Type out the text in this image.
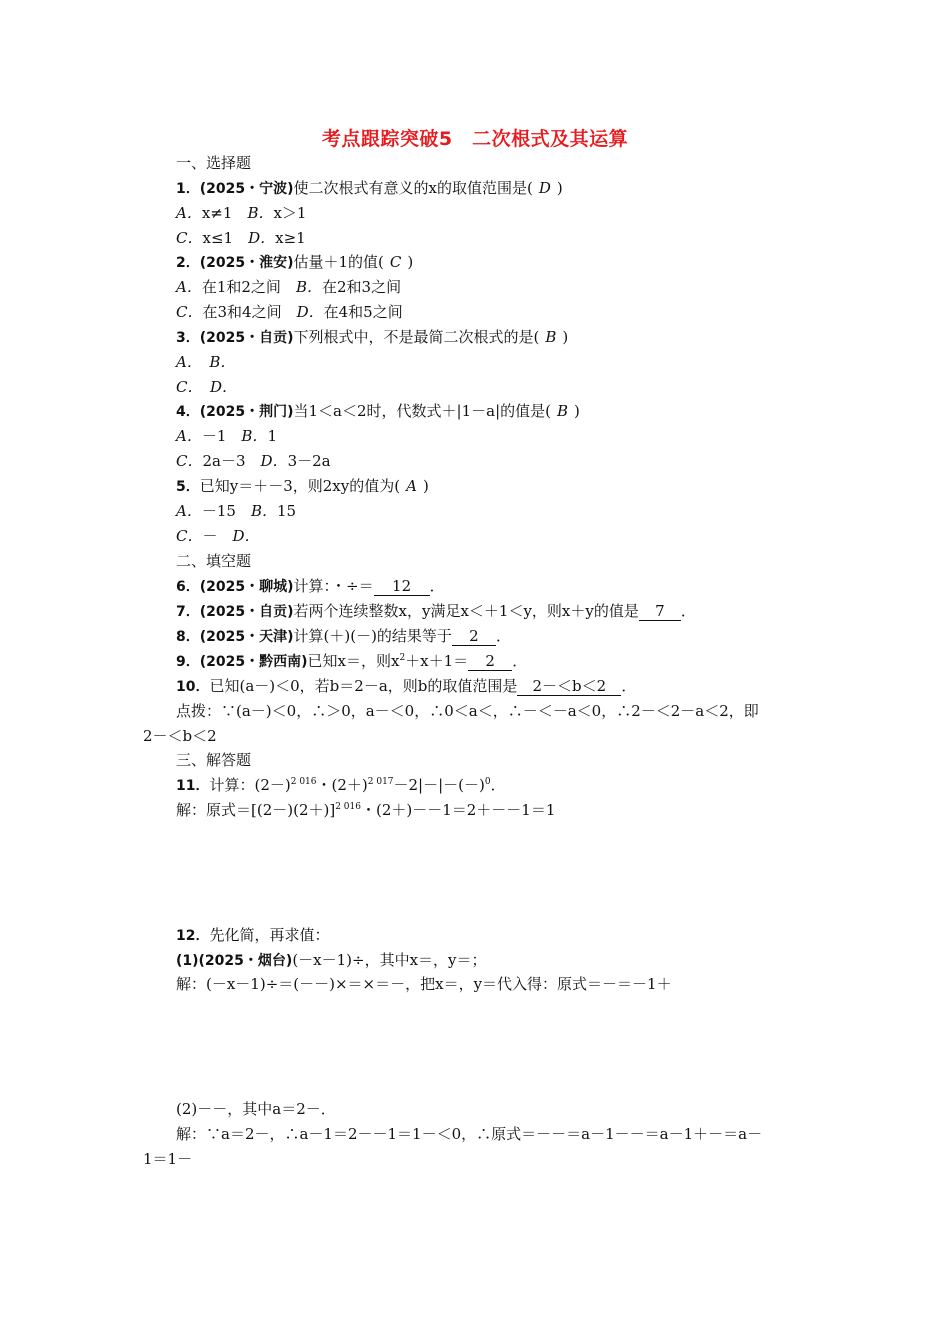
考点跟踪突破5　二次根式及其运算
一、选择题
1．(2025・宁波)使二次根式有意义的x的取值范围是( D )
A．x≠1　 B．x＞1
C．x≤1　 D．x≥1
2．(2025・淮安)估量＋1的值( C )
A．在1和2之间　 B．在2和3之间
C．在3和4之间　 D．在4和5之间
3．(2025・自贡)下列根式中，不是最简二次根式的是( B )
A．　 B．
C．　 D．
4．(2025・荆门)当1＜a＜2时，代数式＋|1－a|的值是( B )
A．－1　 B．1
C．2a－3　 D．3－2a
5．已知y＝＋－3，则2xy的值为( A )
A．－15　 B．15
C．－　 D．
二、填空题
6．(2025・聊城)计算：・÷＝ 12 ．
7．(2025・自贡)若两个连续整数x，y满足x＜＋1＜y，则x＋y的值是 7 ．
8．(2025・天津)计算(＋)(－)的结果等于 2 ．
9．(2025・黔西南)已知x＝，则$x^2+x+1= 2$ ．
10．已知(a－)＜0，若b＝2－a，则b的取值范围是 2－＜b＜2 ．
点拨：∵(a－)＜0，∴＞0，a－＜0，∴0＜a＜，∴－＜－a＜0，∴2－＜2－a＜2，即
2－＜b＜2
三、解答题
11．计算：$(2-)^{2 016}$・$(2+)^{2 017}-2|-|-(-)^0$．
解：原式$=[(2-)(2+)]^{2 016}$・(2＋)－－1＝2＋－－1＝1
12．先化简，再求值：
(1)(2025・烟台)(－x－1)÷，其中x＝，y＝；
解：(－x－1)÷＝(－－)×＝×＝－，把x＝，y＝代入得：原式＝－＝－1＋
(2)－－，其中a＝2－．
解：∵a＝2－，∴a－1＝2－－1＝1－＜0，∴原式＝－－＝a－1－－＝a－1＋－＝a－
1＝1－
